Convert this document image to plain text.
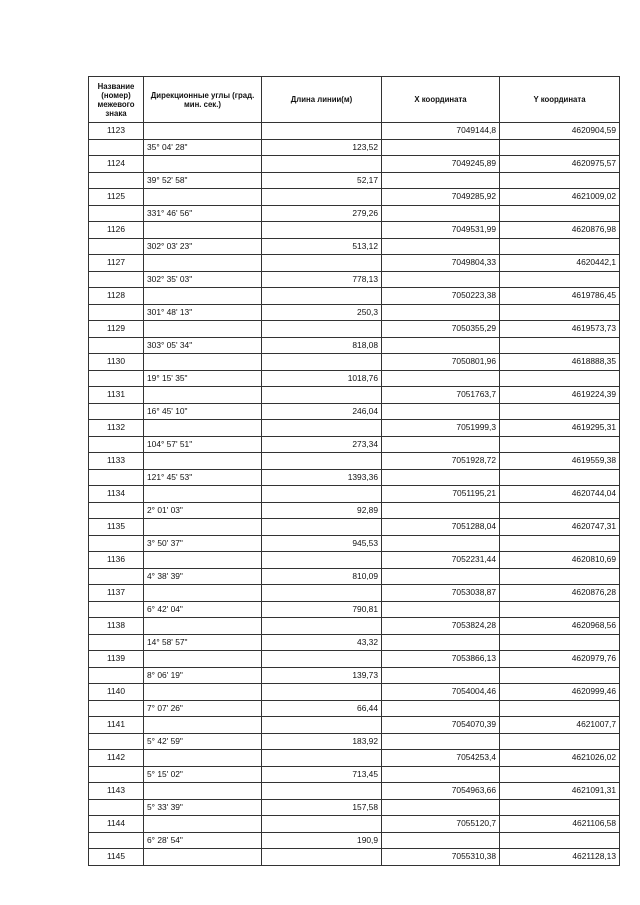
Название (номер) межевого знака	Дирекционные углы (град. мин. сек.)	Длина линии(м)	X координата	Y координата
1123			7049144,8	4620904,59
	35° 04' 28"	123,52		
1124			7049245,89	4620975,57
	39° 52' 58"	52,17		
1125			7049285,92	4621009,02
	331° 46' 56"	279,26		
1126			7049531,99	4620876,98
	302° 03' 23"	513,12		
1127			7049804,33	4620442,1
	302° 35' 03"	778,13		
1128			7050223,38	4619786,45
	301° 48' 13"	250,3		
1129			7050355,29	4619573,73
	303° 05' 34"	818,08		
1130			7050801,96	4618888,35
	19° 15' 35"	1018,76		
1131			7051763,7	4619224,39
	16° 45' 10"	246,04		
1132			7051999,3	4619295,31
	104° 57' 51"	273,34		
1133			7051928,72	4619559,38
	121° 45' 53"	1393,36		
1134			7051195,21	4620744,04
	2° 01' 03"	92,89		
1135			7051288,04	4620747,31
	3° 50' 37"	945,53		
1136			7052231,44	4620810,69
	4° 38' 39"	810,09		
1137			7053038,87	4620876,28
	6° 42' 04"	790,81		
1138			7053824,28	4620968,56
	14° 58' 57"	43,32		
1139			7053866,13	4620979,76
	8° 06' 19"	139,73		
1140			7054004,46	4620999,46
	7° 07' 26"	66,44		
1141			7054070,39	4621007,7
	5° 42' 59"	183,92		
1142			7054253,4	4621026,02
	5° 15' 02"	713,45		
1143			7054963,66	4621091,31
	5° 33' 39"	157,58		
1144			7055120,7	4621106,58
	6° 28' 54"	190,9		
1145			7055310,38	4621128,13
